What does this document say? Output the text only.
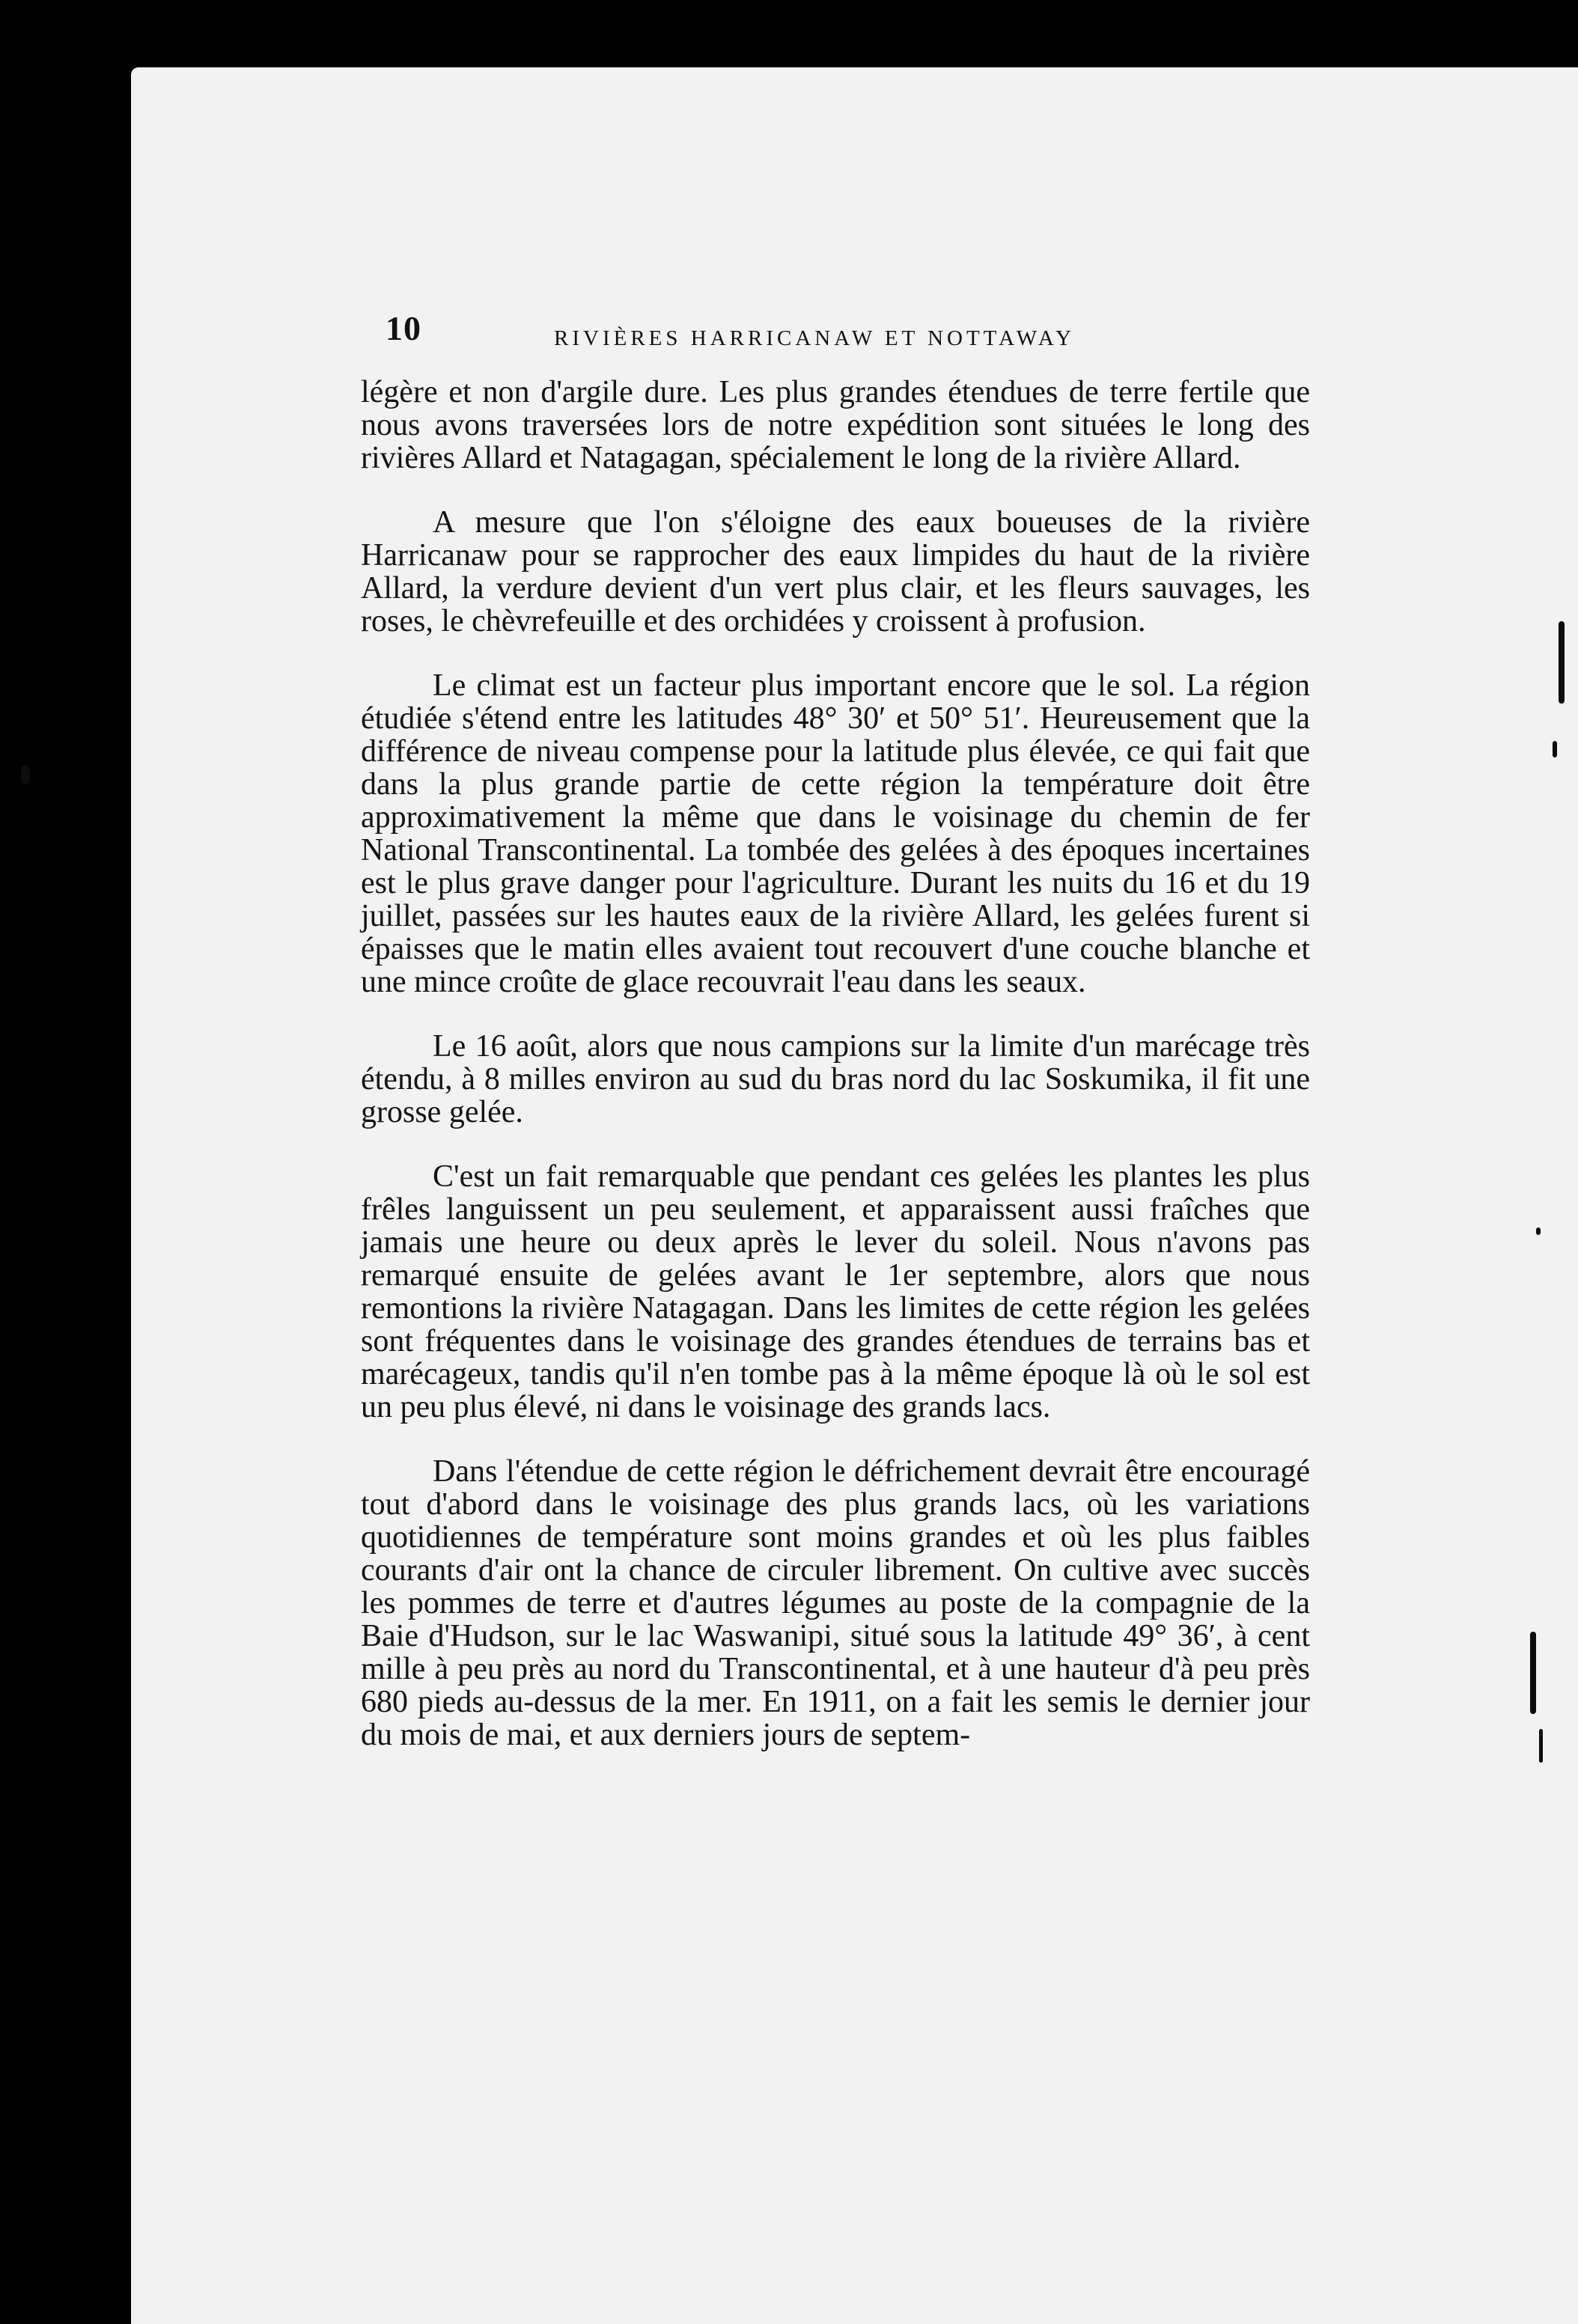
10	RIVIÈRES HARRICANAW ET NOTTAWAY

légère et non d'argile dure. Les plus grandes étendues de terre fertile que nous avons traversées lors de notre expédition sont situées le long des rivières Allard et Natagagan, spécialement le long de la rivière Allard.

A mesure que l'on s'éloigne des eaux boueuses de la rivière Harricanaw pour se rapprocher des eaux limpides du haut de la rivière Allard, la verdure devient d'un vert plus clair, et les fleurs sauvages, les roses, le chèvrefeuille et des orchidées y croissent à profusion.

Le climat est un facteur plus important encore que le sol. La région étudiée s'étend entre les latitudes 48° 30′ et 50° 51′. Heureusement que la différence de niveau compense pour la latitude plus élevée, ce qui fait que dans la plus grande partie de cette région la température doit être approximativement la même que dans le voisinage du chemin de fer National Transcontinental. La tombée des gelées à des époques incertaines est le plus grave danger pour l'agriculture. Durant les nuits du 16 et du 19 juillet, passées sur les hautes eaux de la rivière Allard, les gelées furent si épaisses que le matin elles avaient tout recouvert d'une couche blanche et une mince croûte de glace recouvrait l'eau dans les seaux.

Le 16 août, alors que nous campions sur la limite d'un marécage très étendu, à 8 milles environ au sud du bras nord du lac Soskumika, il fit une grosse gelée.

C'est un fait remarquable que pendant ces gelées les plantes les plus frêles languissent un peu seulement, et apparaissent aussi fraîches que jamais une heure ou deux après le lever du soleil. Nous n'avons pas remarqué ensuite de gelées avant le 1er septembre, alors que nous remontions la rivière Natagagan. Dans les limites de cette région les gelées sont fréquentes dans le voisinage des grandes étendues de terrains bas et marécageux, tandis qu'il n'en tombe pas à la même époque là où le sol est un peu plus élevé, ni dans le voisinage des grands lacs.

Dans l'étendue de cette région le défrichement devrait être encouragé tout d'abord dans le voisinage des plus grands lacs, où les variations quotidiennes de température sont moins grandes et où les plus faibles courants d'air ont la chance de circuler librement. On cultive avec succès les pommes de terre et d'autres légumes au poste de la compagnie de la Baie d'Hudson, sur le lac Waswanipi, situé sous la latitude 49° 36′, à cent mille à peu près au nord du Transcontinental, et à une hauteur d'à peu près 680 pieds au-dessus de la mer. En 1911, on a fait les semis le dernier jour du mois de mai, et aux derniers jours de septem-
